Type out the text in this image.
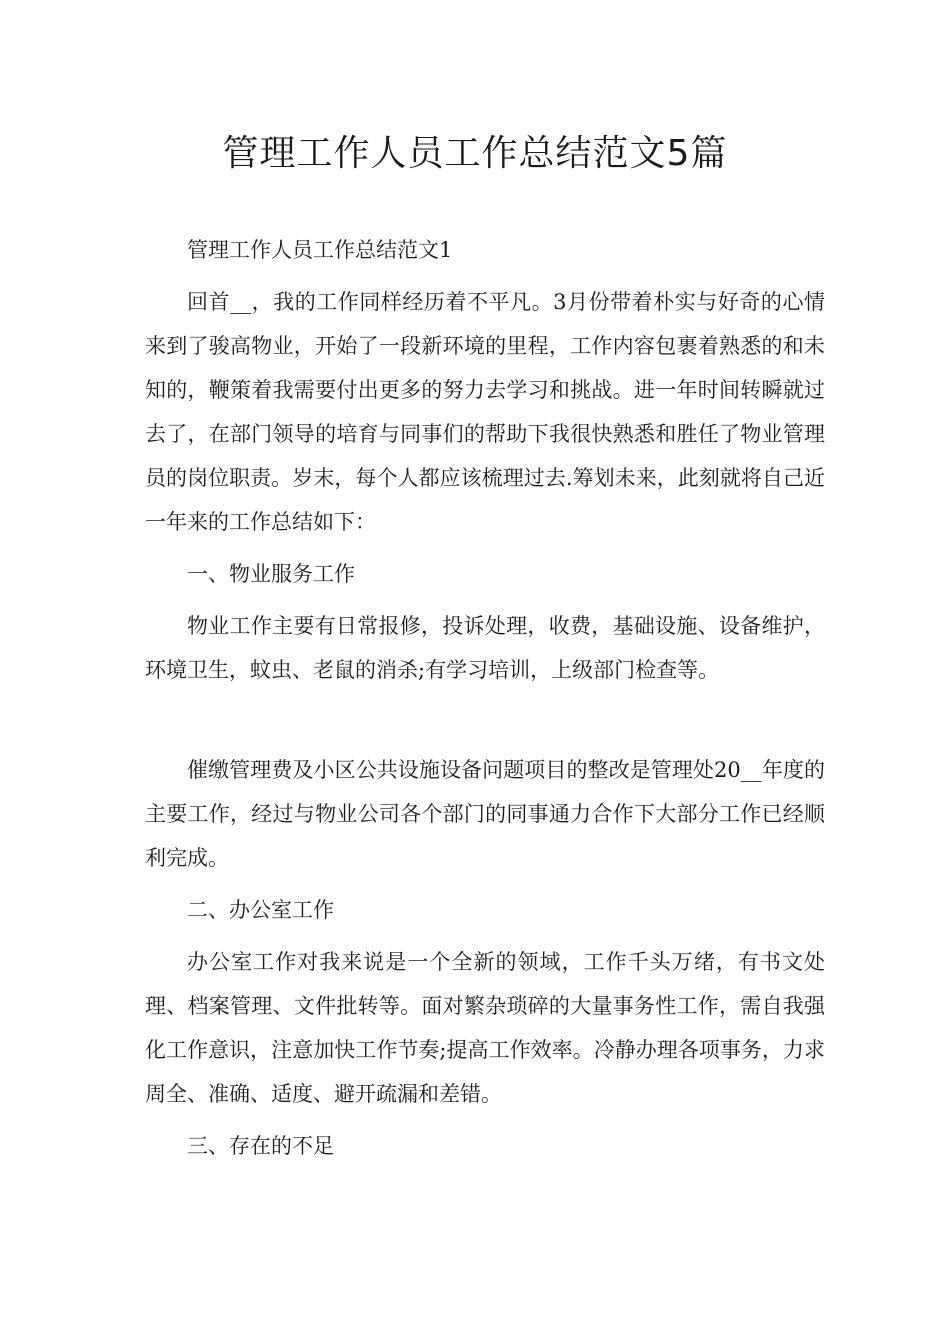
管理工作人员工作总结范文5篇

管理工作人员工作总结范文1

回首__，我的工作同样经历着不平凡。3月份带着朴实与好奇的心情来到了骏高物业，开始了一段新环境的里程，工作内容包裹着熟悉的和未知的，鞭策着我需要付出更多的努力去学习和挑战。进一年时间转瞬就过去了，在部门领导的培育与同事们的帮助下我很快熟悉和胜任了物业管理员的岗位职责。岁末，每个人都应该梳理过去.筹划未来，此刻就将自己近一年来的工作总结如下：

一、物业服务工作

物业工作主要有日常报修，投诉处理，收费，基础设施、设备维护，环境卫生，蚊虫、老鼠的消杀;有学习培训，上级部门检查等。

催缴管理费及小区公共设施设备问题项目的整改是管理处20__年度的主要工作，经过与物业公司各个部门的同事通力合作下大部分工作已经顺利完成。

二、办公室工作

办公室工作对我来说是一个全新的领域，工作千头万绪，有书文处理、档案管理、文件批转等。面对繁杂琐碎的大量事务性工作，需自我强化工作意识，注意加快工作节奏;提高工作效率。冷静办理各项事务，力求周全、准确、适度、避开疏漏和差错。

三、存在的不足
